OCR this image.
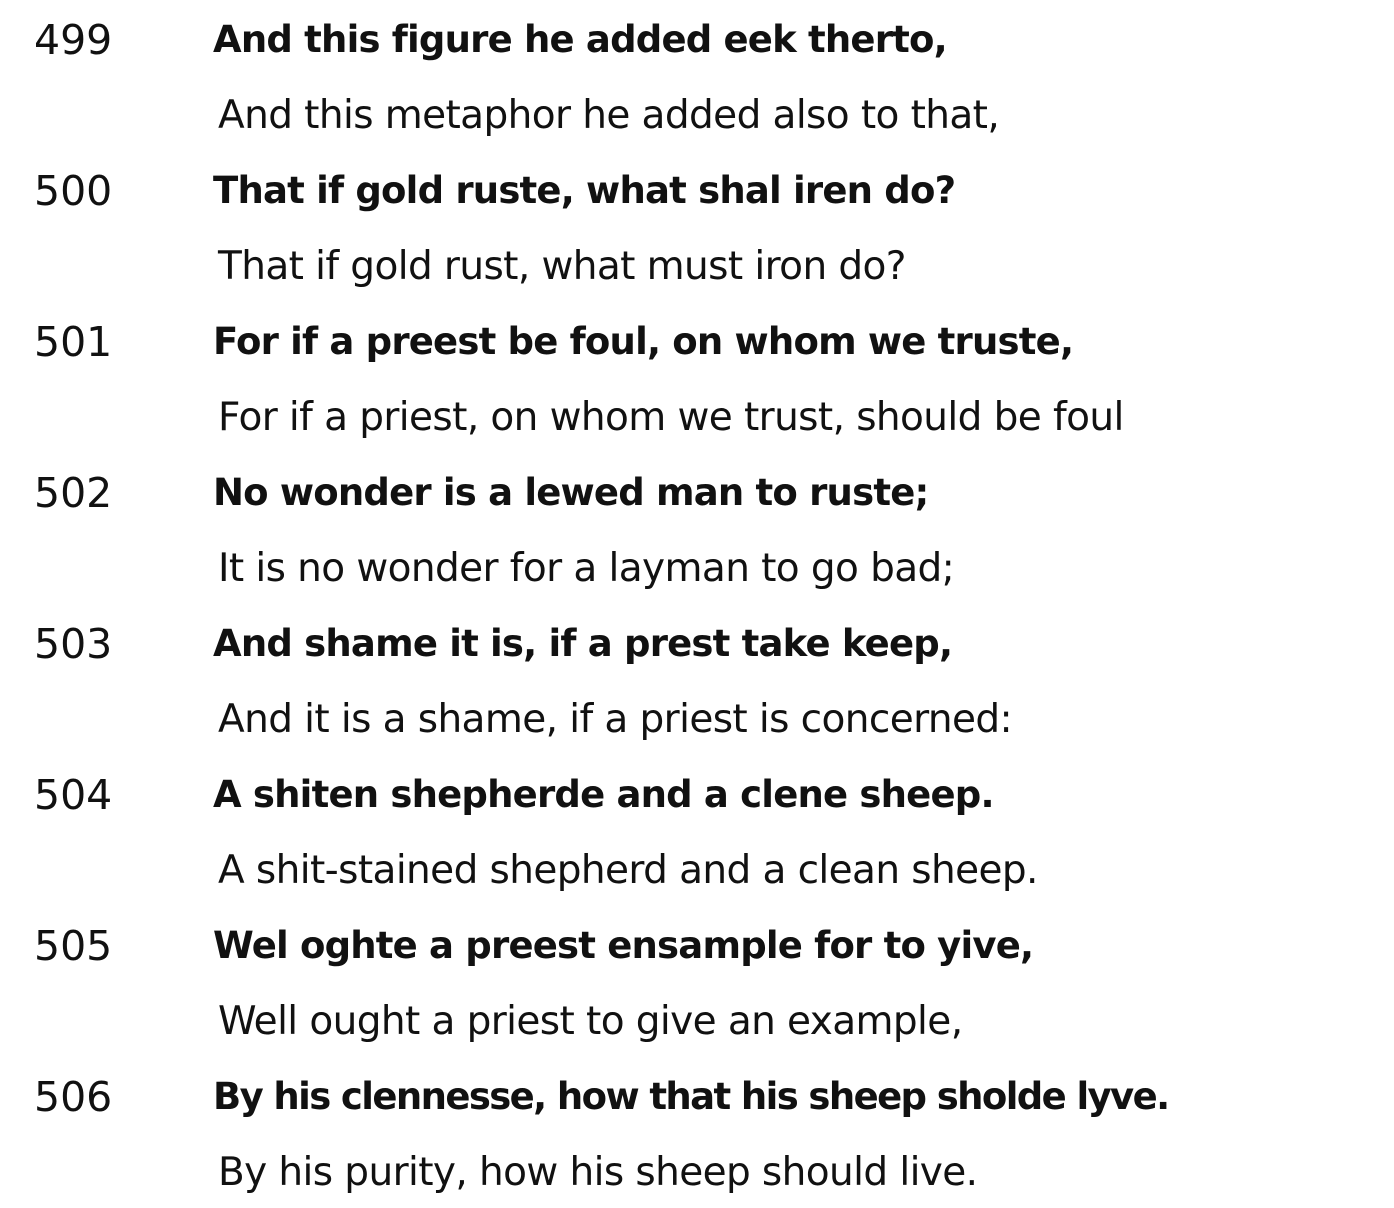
499	And this figure he added eek therto,
And this metaphor he added also to that,
500	That if gold ruste, what shal iren do?
That if gold rust, what must iron do?
501	For if a preest be foul, on whom we truste,
For if a priest, on whom we trust, should be foul
502	No wonder is a lewed man to ruste;
It is no wonder for a layman to go bad;
503	And shame it is, if a prest take keep,
And it is a shame, if a priest is concerned:
504	A shiten shepherde and a clene sheep.
A shit-stained shepherd and a clean sheep.
505	Wel oghte a preest ensample for to yive,
Well ought a priest to give an example,
506	By his clennesse, how that his sheep sholde lyve.
By his purity, how his sheep should live.
